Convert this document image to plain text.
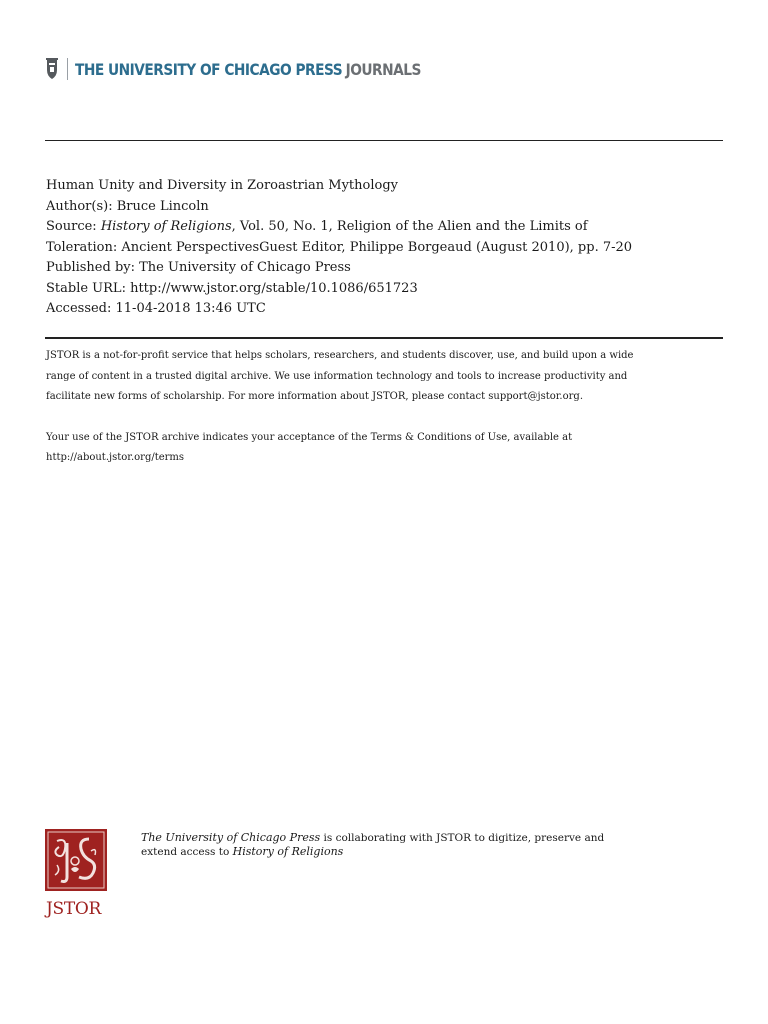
THE UNIVERSITY OF CHICAGO PRESS JOURNALS
Human Unity and Diversity in Zoroastrian Mythology
Author(s): Bruce Lincoln
Source: History of Religions, Vol. 50, No. 1, Religion of the Alien and the Limits of
Toleration: Ancient PerspectivesGuest Editor, Philippe Borgeaud (August 2010), pp. 7-20
Published by: The University of Chicago Press
Stable URL: http://www.jstor.org/stable/10.1086/651723
Accessed: 11-04-2018 13:46 UTC

JSTOR is a not-for-profit service that helps scholars, researchers, and students discover, use, and build upon a wide

range of content in a trusted digital archive. We use information technology and tools to increase productivity and

facilitate new forms of scholarship. For more information about JSTOR, please contact support@jstor.org.

Your use of the JSTOR archive indicates your acceptance of the Terms & Conditions of Use, available at

http://about.jstor.org/terms

JSTOR
The University of Chicago Press is collaborating with JSTOR to digitize, preserve and
extend access to History of Religions
